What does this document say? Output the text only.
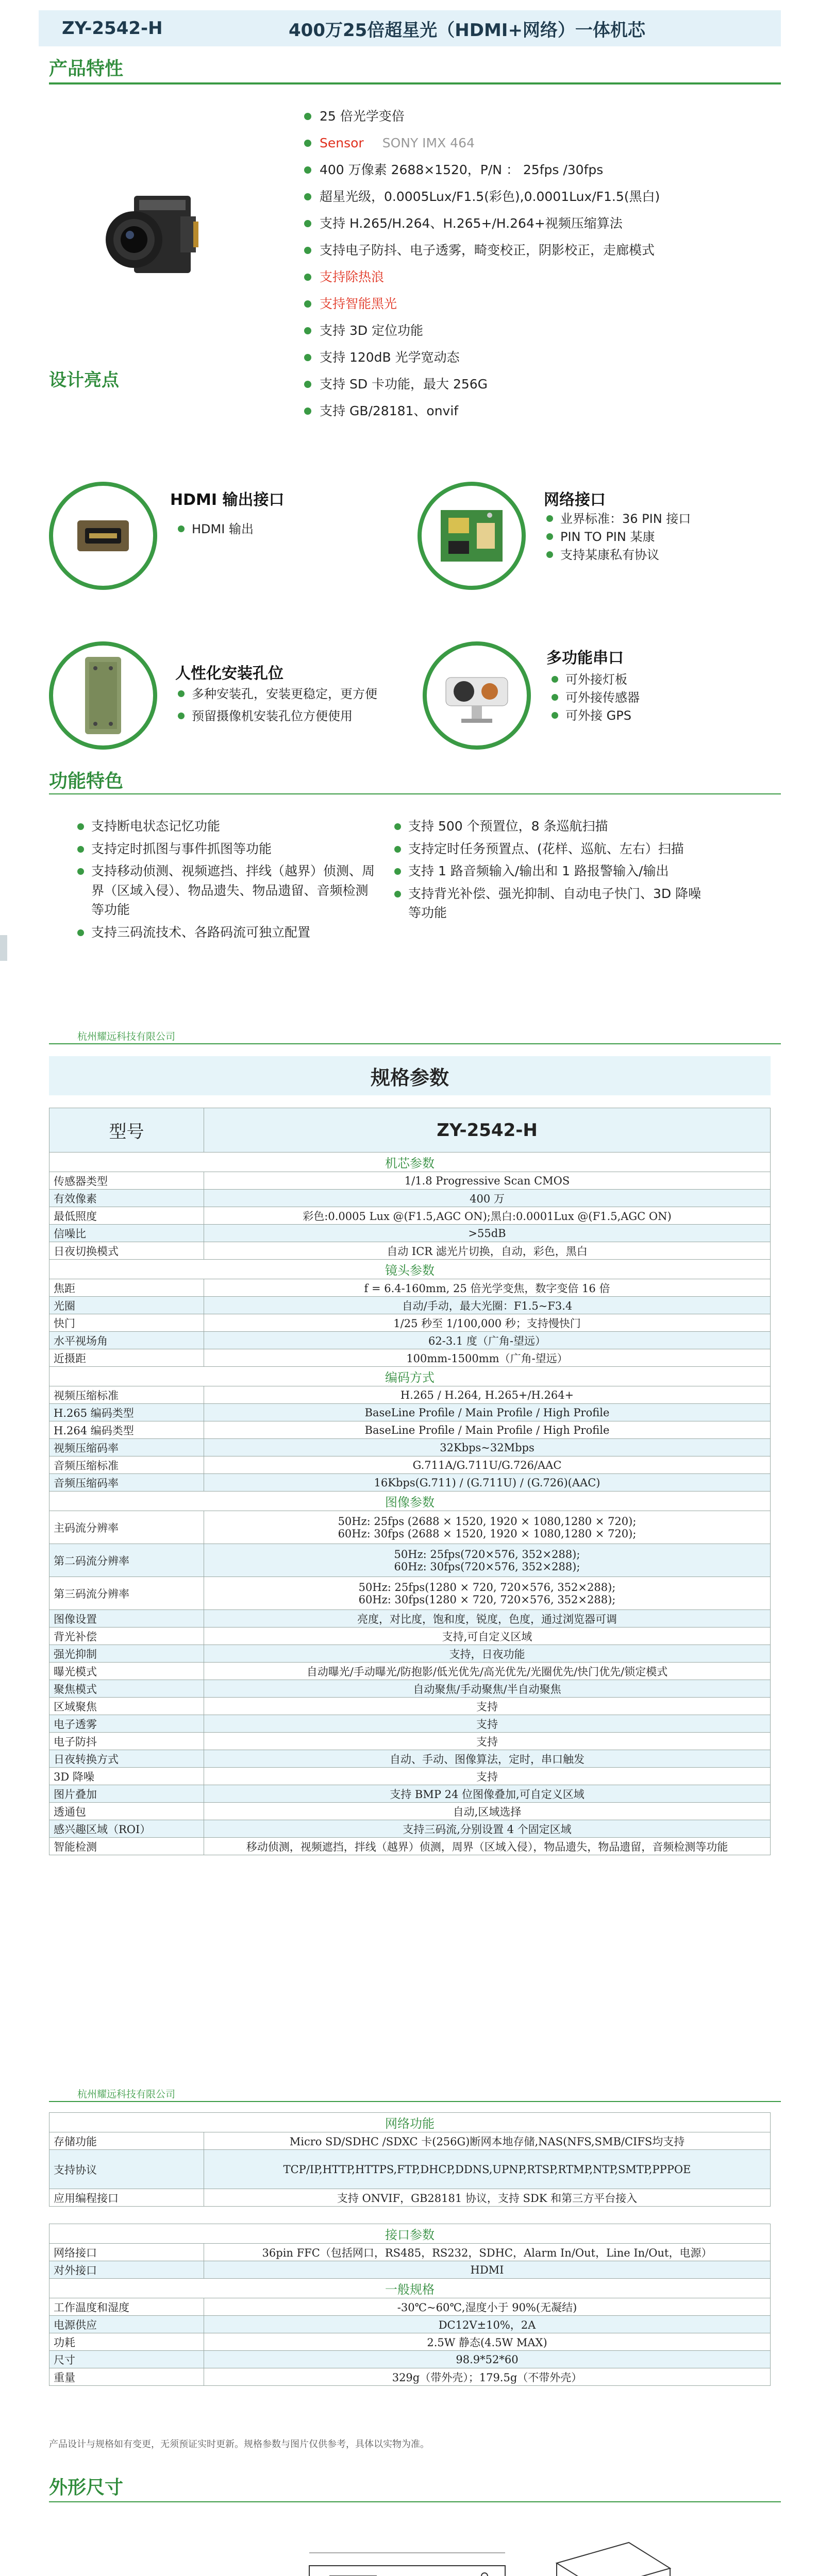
ZY-2542-H	400万25倍超星光（HDMI+网络）一体机芯
产品特性
设计亮点
25 倍光学变倍
Sensor SONY IMX 464
400 万像素 2688×1520，P/N ： 25fps /30fps
超星光级，0.0005Lux/F1.5(彩色),0.0001Lux/F1.5(黑白)
支持 H.265/H.264、H.265+/H.264+视频压缩算法
支持电子防抖、电子透雾，畸变校正，阴影校正，走廊模式
支持除热浪
支持智能黑光
支持 3D 定位功能
支持 120dB 光学宽动态
支持 SD 卡功能，最大 256G
支持 GB/28181、onvif
HDMI 输出接口
HDMI 输出
网络接口
业界标准：36 PIN 接口
PIN TO PIN 某康
支持某康私有协议
人性化安装孔位
多种安装孔，安装更稳定，更方便
预留摄像机安装孔位方便使用
多功能串口
可外接灯板
可外接传感器
可外接 GPS
功能特色
支持断电状态记忆功能
支持定时抓图与事件抓图等功能
支持移动侦测、视频遮挡、拌线（越界）侦测、周界（区域入侵）、物品遗失、物品遗留、音频检测等功能
支持三码流技术、各路码流可独立配置
支持 500 个预置位，8 条巡航扫描
支持定时任务预置点、(花样、巡航、左右）扫描
支持 1 路音频输入/输出和 1 路报警输入/输出
支持背光补偿、强光抑制、自动电子快门、3D 降噪等功能
杭州耀远科技有限公司
规格参数
型号	ZY-2542-H
机芯参数	
传感器类型	1/1.8 Progressive Scan CMOS
有效像素	400 万
最低照度	彩色:0.0005 Lux @(F1.5,AGC ON);黑白:0.0001Lux @(F1.5,AGC ON)
信噪比	>55dB
日夜切换模式	自动 ICR 滤光片切换，自动，彩色，黑白
镜头参数	
焦距	f = 6.4-160mm, 25 倍光学变焦，数字变倍 16 倍
光圈	自动/手动，最大光圈：F1.5~F3.4
快门	1/25 秒至 1/100,000 秒；支持慢快门
水平视场角	62-3.1 度（广角-望远）
近摄距	100mm-1500mm（广角-望远）
编码方式	
视频压缩标准	H.265 / H.264, H.265+/H.264+
H.265 编码类型	BaseLine Profile / Main Profile / High Profile
H.264 编码类型	BaseLine Profile / Main Profile / High Profile
视频压缩码率	32Kbps~32Mbps
音频压缩标准	G.711A/G.711U/G.726/AAC
音频压缩码率	16Kbps(G.711) / (G.711U) / (G.726)(AAC)
图像参数	
主码流分辨率	50Hz: 25fps (2688 × 1520, 1920 × 1080,1280 × 720);
60Hz: 30fps (2688 × 1520, 1920 × 1080,1280 × 720);
第二码流分辨率	50Hz: 25fps(720×576, 352×288);
60Hz: 30fps(720×576, 352×288);
第三码流分辨率	50Hz: 25fps(1280 × 720, 720×576, 352×288);
60Hz: 30fps(1280 × 720, 720×576, 352×288);
图像设置	亮度，对比度，饱和度，锐度，色度，通过浏览器可调
背光补偿	支持,可自定义区域
强光抑制	支持，日夜功能
曝光模式	自动曝光/手动曝光/防抱影/低光优先/高光优先/光圈优先/快门优先/锁定模式
聚焦模式	自动聚焦/手动聚焦/半自动聚焦
区域聚焦	支持
电子透雾	支持
电子防抖	支持
日夜转换方式	自动、手动、图像算法，定时，串口触发
3D 降噪	支持
图片叠加	支持 BMP 24 位图像叠加,可自定义区域
透通包	自动,区域选择
感兴趣区域（ROI）	支持三码流,分别设置 4 个固定区域
智能检测	移动侦测，视频遮挡，拌线（越界）侦测，周界（区域入侵），物品遗失，物品遗留，音频检测等功能
杭州耀远科技有限公司
网络功能	
存储功能	Micro SD/SDHC /SDXC 卡(256G)断网本地存储,NAS(NFS,SMB/CIFS均支持
支持协议	TCP/IP,HTTP,HTTPS,FTP,DHCP,DDNS,UPNP,RTSP,RTMP,NTP,SMTP,PPPOE
应用编程接口	支持 ONVIF，GB28181 协议，支持 SDK 和第三方平台接入
接口参数	
网络接口	36pin FFC（包括网口，RS485，RS232，SDHC，Alarm In/Out，Line In/Out，电源）
对外接口	HDMI
一般规格	
工作温度和湿度	-30℃~60℃,湿度小于 90%(无凝结)
电源供应	DC12V±10%，2A
功耗	2.5W 静态(4.5W MAX)
尺寸	98.9*52*60
重量	329g（带外壳）；179.5g（不带外壳）
产品设计与规格如有变更，无须预证实时更新。规格参数与图片仅供参考，具体以实物为准。
外形尺寸
